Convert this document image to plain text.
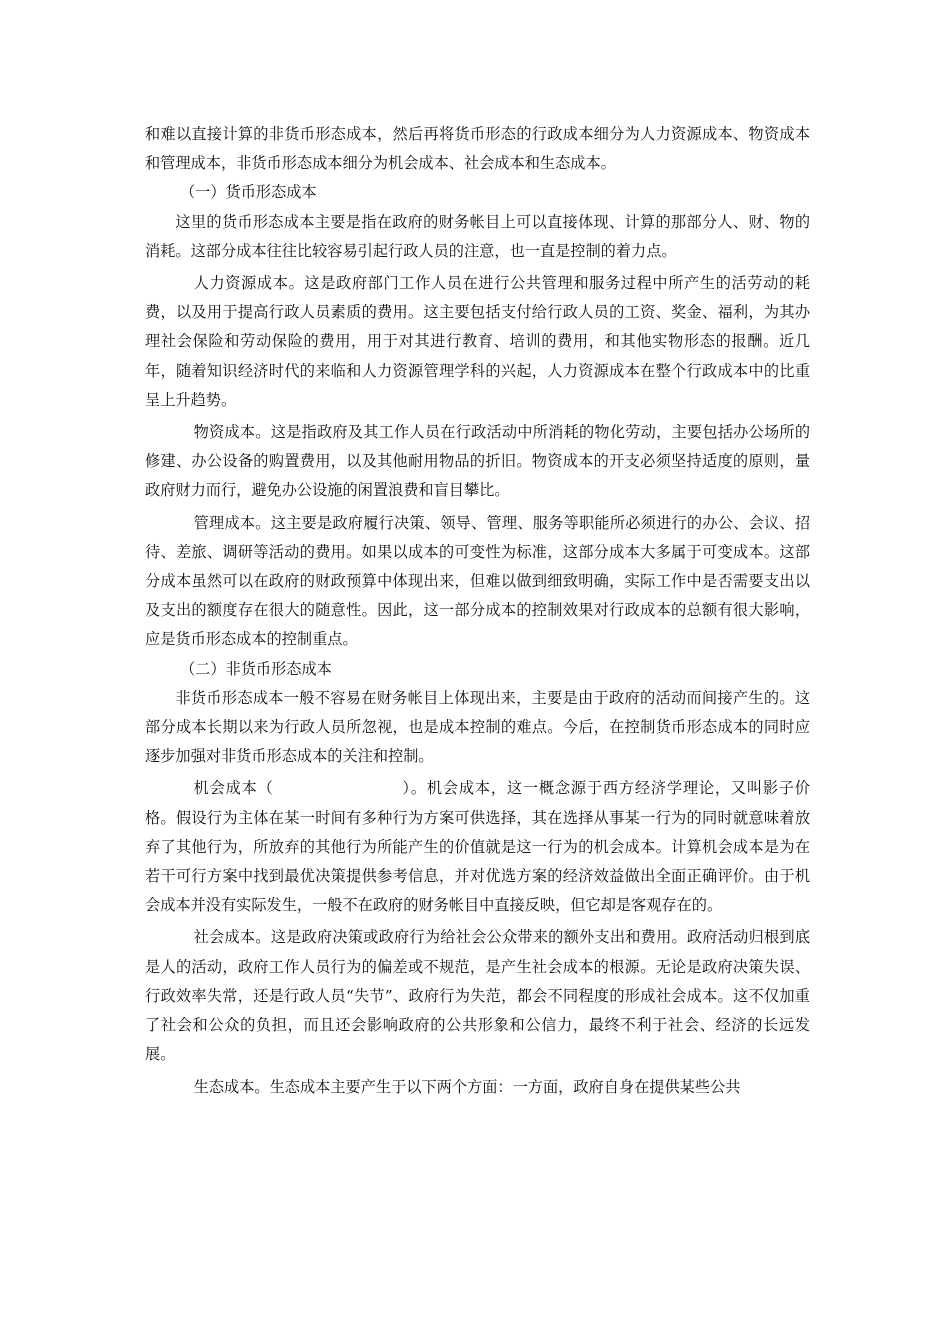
和难以直接计算的非货币形态成本，然后再将货币形态的行政成本细分为人力资源成本、物资成本和管理成本，非货币形态成本细分为机会成本、社会成本和生态成本。

（一）货币形态成本

这里的货币形态成本主要是指在政府的财务帐目上可以直接体现、计算的那部分人、财、物的消耗。这部分成本往往比较容易引起行政人员的注意，也一直是控制的着力点。

人力资源成本。这是政府部门工作人员在进行公共管理和服务过程中所产生的活劳动的耗费，以及用于提高行政人员素质的费用。这主要包括支付给行政人员的工资、奖金、福利，为其办理社会保险和劳动保险的费用，用于对其进行教育、培训的费用，和其他实物形态的报酬。近几年，随着知识经济时代的来临和人力资源管理学科的兴起，人力资源成本在整个行政成本中的比重呈上升趋势。

物资成本。这是指政府及其工作人员在行政活动中所消耗的物化劳动，主要包括办公场所的修建、办公设备的购置费用，以及其他耐用物品的折旧。物资成本的开支必须坚持适度的原则，量政府财力而行，避免办公设施的闲置浪费和盲目攀比。

管理成本。这主要是政府履行决策、领导、管理、服务等职能所必须进行的办公、会议、招待、差旅、调研等活动的费用。如果以成本的可变性为标准，这部分成本大多属于可变成本。这部分成本虽然可以在政府的财政预算中体现出来，但难以做到细致明确，实际工作中是否需要支出以及支出的额度存在很大的随意性。因此，这一部分成本的控制效果对行政成本的总额有很大影响，应是货币形态成本的控制重点。

（二）非货币形态成本

非货币形态成本一般不容易在财务帐目上体现出来，主要是由于政府的活动而间接产生的。这部分成本长期以来为行政人员所忽视，也是成本控制的难点。今后，在控制货币形态成本的同时应逐步加强对非货币形态成本的关注和控制。

机会成本（	）。机会成本，这一概念源于西方经济学理论，又叫影子价格。假设行为主体在某一时间有多种行为方案可供选择，其在选择从事某一行为的同时就意味着放弃了其他行为，所放弃的其他行为所能产生的价值就是这一行为的机会成本。计算机会成本是为在若干可行方案中找到最优决策提供参考信息，并对优选方案的经济效益做出全面正确评价。由于机会成本并没有实际发生，一般不在政府的财务帐目中直接反映，但它却是客观存在的。

社会成本。这是政府决策或政府行为给社会公众带来的额外支出和费用。政府活动归根到底是人的活动，政府工作人员行为的偏差或不规范，是产生社会成本的根源。无论是政府决策失误、行政效率失常，还是行政人员“失节”、政府行为失范，都会不同程度的形成社会成本。这不仅加重了社会和公众的负担，而且还会影响政府的公共形象和公信力，最终不利于社会、经济的长远发展。

生态成本。生态成本主要产生于以下两个方面：一方面，政府自身在提供某些公共
